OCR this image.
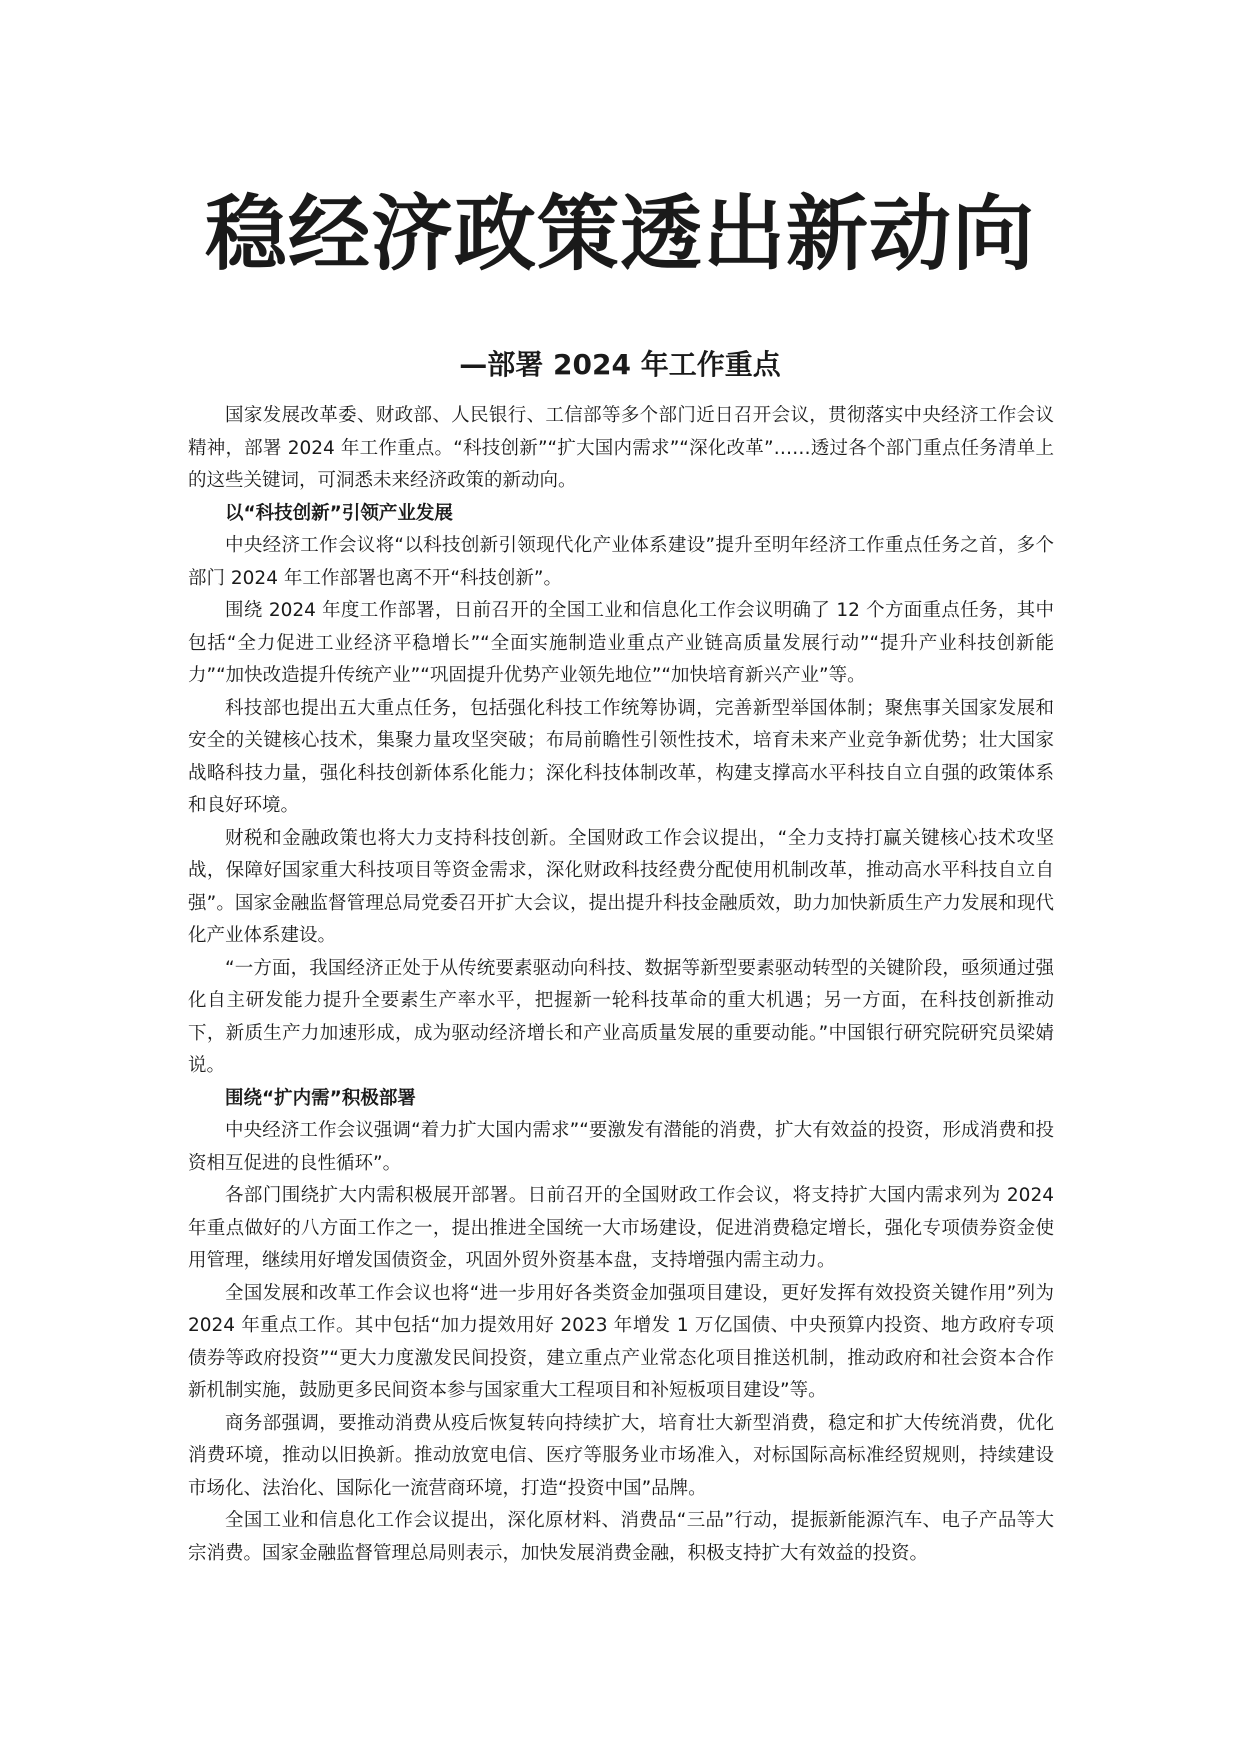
稳经济政策透出新动向
—部署 2024 年工作重点

国家发展改革委、财政部、人民银行、工信部等多个部门近日召开会议，贯彻落实中央经济工作会议精神，部署 2024 年工作重点。“科技创新”“扩大国内需求”“深化改革”……透过各个部门重点任务清单上的这些关键词，可洞悉未来经济政策的新动向。

以“科技创新”引领产业发展

中央经济工作会议将“以科技创新引领现代化产业体系建设”提升至明年经济工作重点任务之首，多个部门 2024 年工作部署也离不开“科技创新”。

围绕 2024 年度工作部署，日前召开的全国工业和信息化工作会议明确了 12 个方面重点任务，其中包括“全力促进工业经济平稳增长”“全面实施制造业重点产业链高质量发展行动”“提升产业科技创新能力”“加快改造提升传统产业”“巩固提升优势产业领先地位”“加快培育新兴产业”等。

科技部也提出五大重点任务，包括强化科技工作统筹协调，完善新型举国体制；聚焦事关国家发展和安全的关键核心技术，集聚力量攻坚突破；布局前瞻性引领性技术，培育未来产业竞争新优势；壮大国家战略科技力量，强化科技创新体系化能力；深化科技体制改革，构建支撑高水平科技自立自强的政策体系和良好环境。

财税和金融政策也将大力支持科技创新。全国财政工作会议提出，“全力支持打赢关键核心技术攻坚战，保障好国家重大科技项目等资金需求，深化财政科技经费分配使用机制改革，推动高水平科技自立自强”。国家金融监督管理总局党委召开扩大会议，提出提升科技金融质效，助力加快新质生产力发展和现代化产业体系建设。

“一方面，我国经济正处于从传统要素驱动向科技、数据等新型要素驱动转型的关键阶段，亟须通过强化自主研发能力提升全要素生产率水平，把握新一轮科技革命的重大机遇；另一方面，在科技创新推动下，新质生产力加速形成，成为驱动经济增长和产业高质量发展的重要动能。”中国银行研究院研究员梁婧说。

围绕“扩内需”积极部署

中央经济工作会议强调“着力扩大国内需求”“要激发有潜能的消费，扩大有效益的投资，形成消费和投资相互促进的良性循环”。

各部门围绕扩大内需积极展开部署。日前召开的全国财政工作会议，将支持扩大国内需求列为 2024 年重点做好的八方面工作之一，提出推进全国统一大市场建设，促进消费稳定增长，强化专项债券资金使用管理，继续用好增发国债资金，巩固外贸外资基本盘，支持增强内需主动力。

全国发展和改革工作会议也将“进一步用好各类资金加强项目建设，更好发挥有效投资关键作用”列为 2024 年重点工作。其中包括“加力提效用好 2023 年增发 1 万亿国债、中央预算内投资、地方政府专项债券等政府投资”“更大力度激发民间投资，建立重点产业常态化项目推送机制，推动政府和社会资本合作新机制实施，鼓励更多民间资本参与国家重大工程项目和补短板项目建设”等。

商务部强调，要推动消费从疫后恢复转向持续扩大，培育壮大新型消费，稳定和扩大传统消费，优化消费环境，推动以旧换新。推动放宽电信、医疗等服务业市场准入，对标国际高标准经贸规则，持续建设市场化、法治化、国际化一流营商环境，打造“投资中国”品牌。

全国工业和信息化工作会议提出，深化原材料、消费品“三品”行动，提振新能源汽车、电子产品等大宗消费。国家金融监督管理总局则表示，加快发展消费金融，积极支持扩大有效益的投资。
